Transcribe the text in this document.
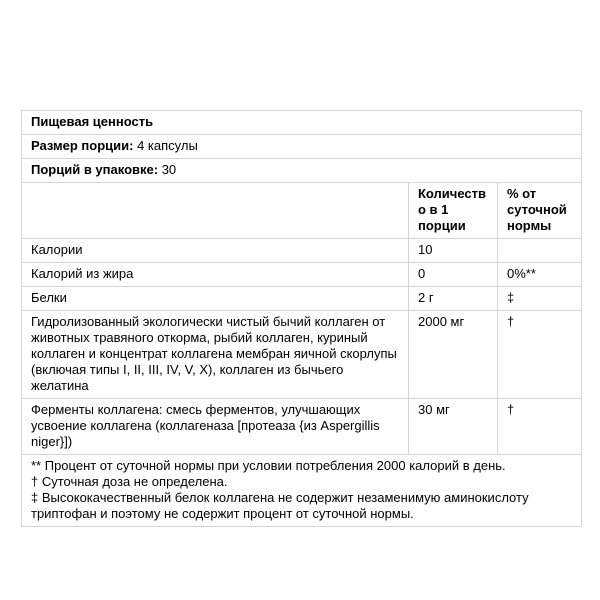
Пищевая ценность		
Размер порции: 4 капсулы		
Порций в упаковке: 30		
	Количество в 1 порции	% от суточной нормы
Калории	10	
Калорий из жира	0	0%**
Белки	2 г	‡
Гидролизованный экологически чистый бычий коллаген от животных травяного откорма, рыбий коллаген, куриный коллаген и концентрат коллагена мембран яичной скорлупы (включая типы I, II, III, IV, V, X), коллаген из бычьего желатина	2000 мг	†
Ферменты коллагена: смесь ферментов, улучшающих усвоение коллагена (коллагеназа [протеаза {из Aspergillis niger}])	30 мг	†

** Процент от суточной нормы при условии потребления 2000 калорий в день.
† Суточная доза не определена.
‡ Высококачественный белок коллагена не содержит незаменимую аминокислоту триптофан и поэтому не содержит процент от суточной нормы.		
